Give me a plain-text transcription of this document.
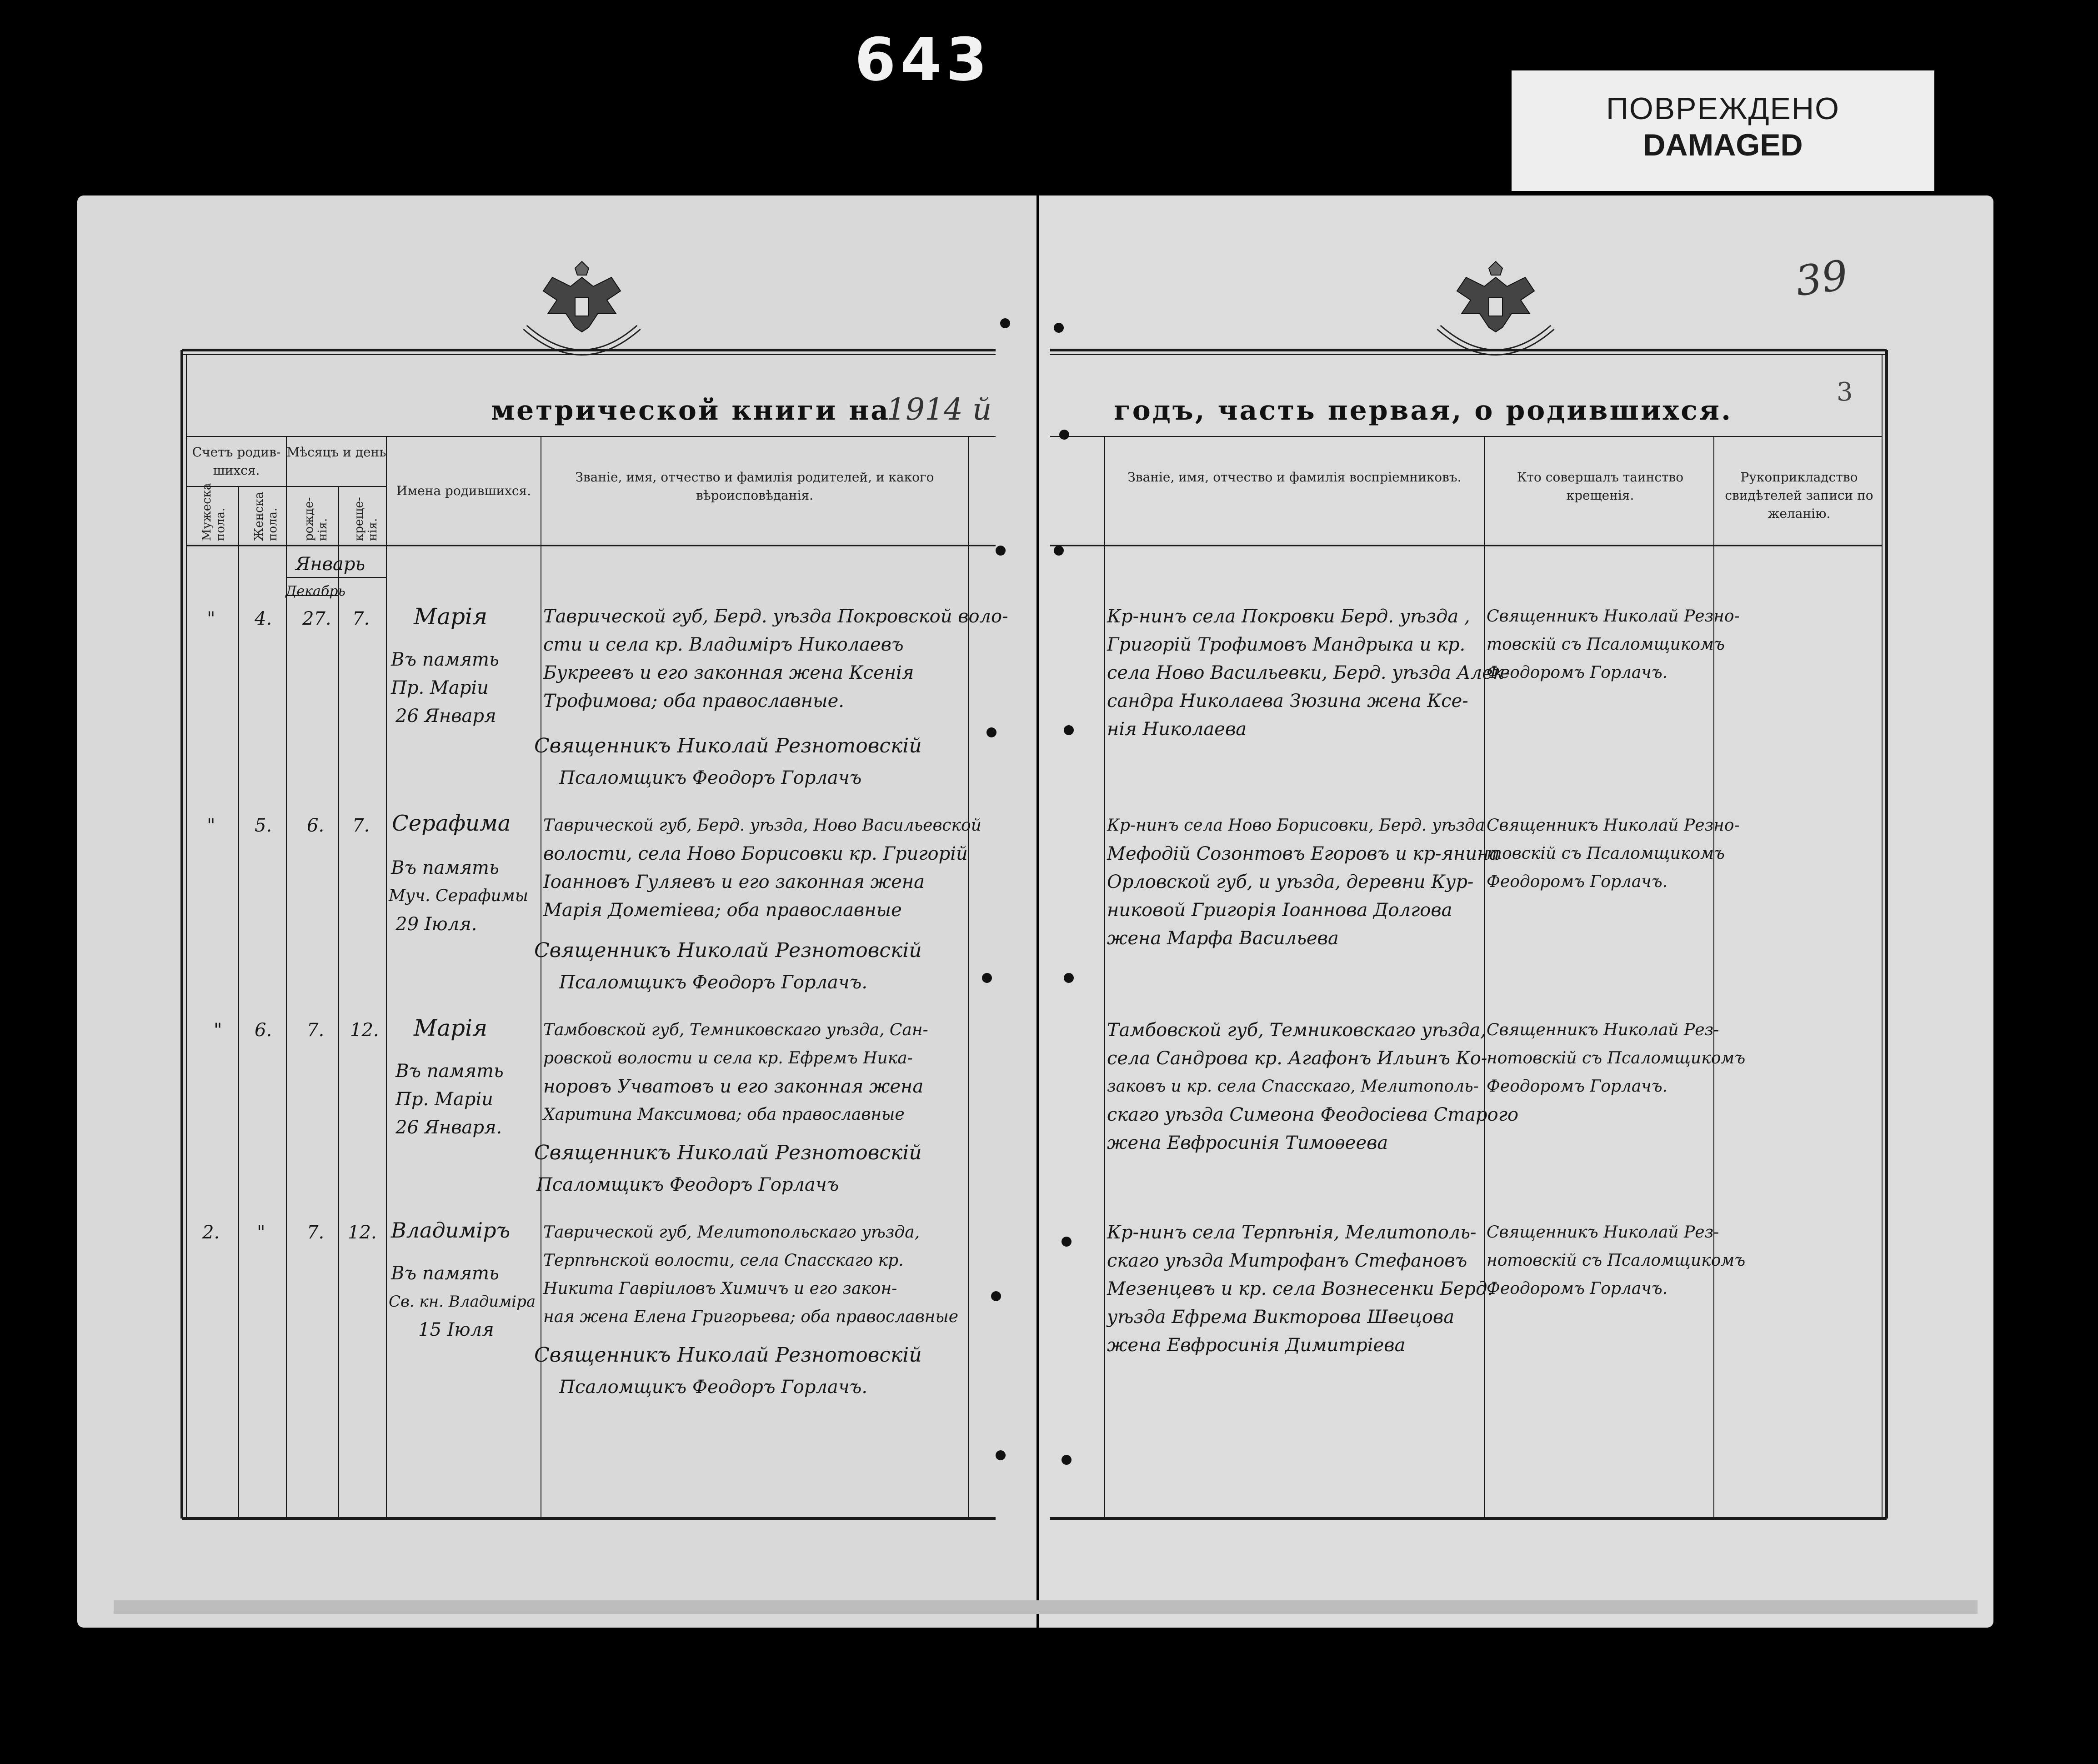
643
ПОВРЕЖДЕНО
DAMAGED
метрической книги на
1914 й	годъ, часть первая, о родившихся.
3
39
Счетъ родив-шихся.
Мужеска пола. Женска пола.
Мѣсяцъ и день
рожде-нія. креще-нія.
Имена родившихся.
Званіе, имя, отчество и фамилія родителей, и какого вѣроисповѣданія.
Званіе, имя, отчество и фамилія воспріемниковъ.	Кто совершалъ таинство крещенія.
Рукоприкладство свидѣтелей записи по желанію.
Январь
Декабрь
" 4. 27. 7. Марія
Въ память
Пр. Маріи
26 Января
Таврической губ, Берд. уѣзда Покровской воло-
сти и села кр. Владиміръ Николаевъ
Букреевъ и его законная жена Ксенія
Трофимова; оба православные.
Священникъ Николай Резнотовскій
Псаломщикъ Феодоръ Горлачъ
Кр-нинъ села Покровки Берд. уѣзда ,
Григорій Трофимовъ Мандрыка и кр.
села Ново Васильевки, Берд. уѣзда Алек-
сандра Николаева Зюзина жена Ксе-
нія Николаева
Священникъ Николай Резно-
товскій съ Псаломщикомъ
Феодоромъ Горлачъ.
" 5. 6. 7. Серафима
Въ память
Муч. Серафимы
29 Іюля.
Таврической губ, Берд. уѣзда, Ново Васильевской
волости, села Ново Борисовки кр. Григорій
Іоанновъ Гуляевъ и его законная жена
Марія Дометіева; оба православные
Священникъ Николай Резнотовскій
Псаломщикъ Феодоръ Горлачъ.
Кр-нинъ села Ново Борисовки, Берд. уѣзда
Мефодій Созонтовъ Егоровъ и кр-янина
Орловской губ, и уѣзда, деревни Кур-
никовой Григорія Іоаннова Долгова
жена Марфа Васильева
Священникъ Николай Резно-
товскій съ Псаломщикомъ
Феодоромъ Горлачъ.
" 6. 7. 12. Марія
Въ память
Пр. Маріи
26 Января.
Тамбовской губ, Темниковскаго уѣзда, Сан-
ровской волости и села кр. Ефремъ Ника-
норовъ Учватовъ и его законная жена
Харитина Максимова; оба православные
Священникъ Николай Резнотовскій
Псаломщикъ Феодоръ Горлачъ
Тамбовской губ, Темниковскаго уѣзда,
села Сандрова кр. Агафонъ Ильинъ Ко-
заковъ и кр. села Спасскаго, Мелитополь-
скаго уѣзда Симеона Феодосіева Старого
жена Евфросинія Тимоѳеева
Священникъ Николай Рез-
нотовскій съ Псаломщикомъ
Феодоромъ Горлачъ.
2. " 7. 12. Владиміръ
Въ память
Св. кн. Владиміра
15 Іюля
Таврической губ, Мелитопольскаго уѣзда,
Терпѣнской волости, села Спасскаго кр.
Никита Гавріиловъ Химичъ и его закон-
ная жена Елена Григорьева; оба православные
Священникъ Николай Резнотовскій
Псаломщикъ Феодоръ Горлачъ.
Кр-нинъ села Терпѣнія, Мелитополь-
скаго уѣзда Митрофанъ Стефановъ
Мезенцевъ и кр. села Вознесенки Берд.
уѣзда Ефрема Викторова Швецова
жена Евфросинія Димитріева
Священникъ Николай Рез-
нотовскій съ Псаломщикомъ
Феодоромъ Горлачъ.
